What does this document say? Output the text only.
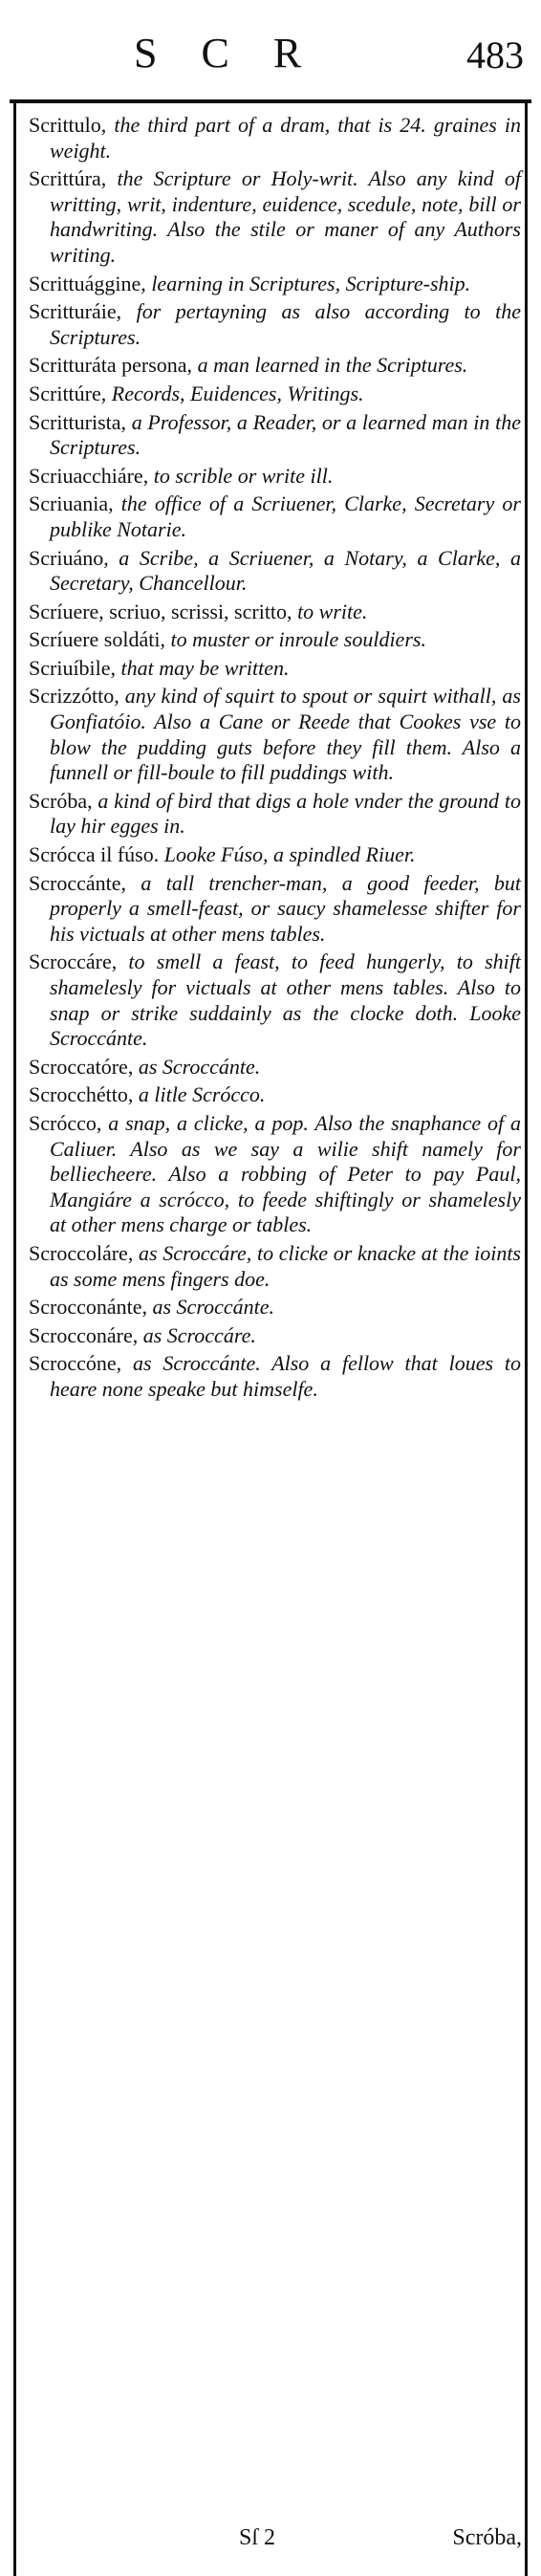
SCR	483

Scrittulo, the third part of a dram, that is 24. graines in weight.

Scrittúra, the Scripture or Holy-writ. Also any kind of writting, writ, indenture, euidence, scedule, note, bill or handwriting. Also the stile or maner of any Authors writing.

Scrittuággine, learning in Scriptures, Scripture-ship.

Scritturáie, for pertayning as also according to the Scriptures.

Scritturáta persona, a man learned in the Scriptures.

Scrittúre, Records, Euidences, Writings.

Scritturista, a Professor, a Reader, or a learned man in the Scriptures.

Scriuacchiáre, to scrible or write ill.

Scriuania, the office of a Scriuener, Clarke, Secretary or publike Notarie.

Scriuáno, a Scribe, a Scriuener, a Notary, a Clarke, a Secretary, Chancellour.

Scríuere, scriuo, scrissi, scritto, to write.

Scríuere soldáti, to muster or inroule souldiers.

Scriuíbile, that may be written.

Scrizzótto, any kind of squirt to spout or squirt withall, as Gonfiatóio. Also a Cane or Reede that Cookes vse to blow the pudding guts before they fill them. Also a funnell or fill-boule to fill puddings with.

Scróba, a kind of bird that digs a hole vnder the ground to lay hir egges in.

Scrócca il fúso. Looke Fúso, a spindled Riuer.

Scroccánte, a tall trencher-man, a good feeder, but properly a smell-feast, or saucy shamelesse shifter for his victuals at other mens tables.

Scroccáre, to smell a feast, to feed hungerly, to shift shamelesly for victuals at other mens tables. Also to snap or strike suddainly as the clocke doth. Looke Scroccánte.

Scroccatóre, as Scroccánte.

Scrocchétto, a litle Scrócco.

Scrócco, a snap, a clicke, a pop. Also the snaphance of a Caliuer. Also as we say a wilie shift namely for belliecheere. Also a robbing of Peter to pay Paul, Mangiáre a scrócco, to feede shiftingly or shamelesly at other mens charge or tables.

Scroccoláre, as Scroccáre, to clicke or knacke at the ioints as some mens fingers doe.

Scrocconánte, as Scroccánte.

Scrocconáre, as Scroccáre.

Scroccóne, as Scroccánte. Also a fellow that loues to heare none speake but himselfe.

Sſ 2	Scróba,
